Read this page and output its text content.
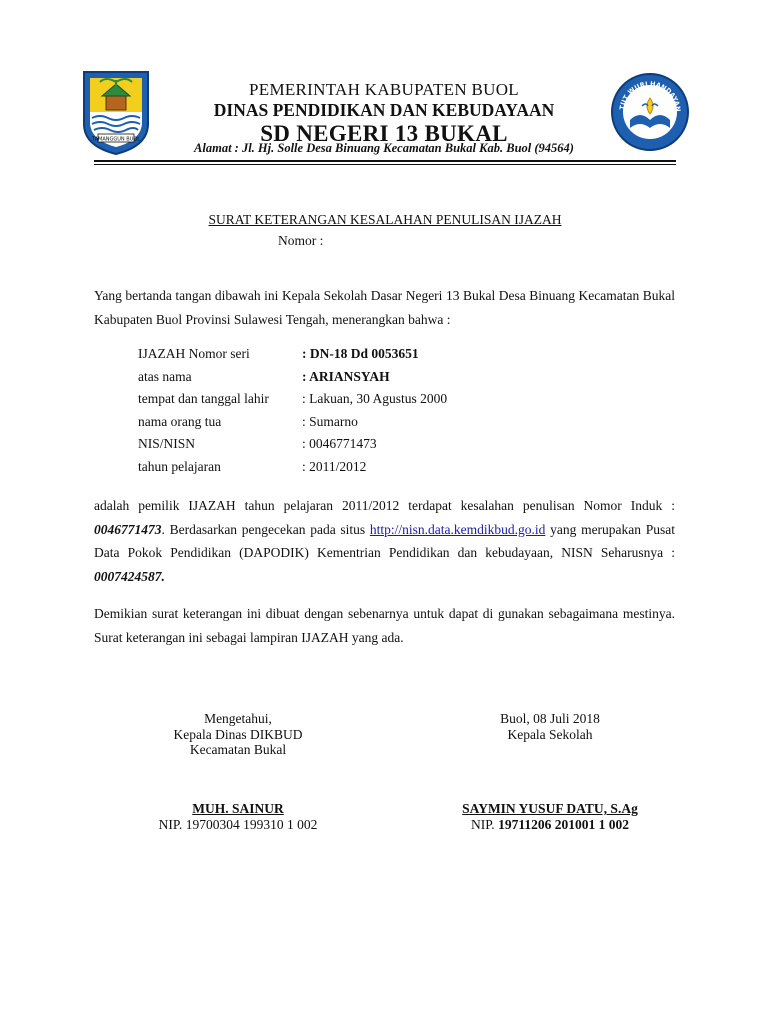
TAMANGGUN BUOL
TUT WURI HANDAYAN
PEMERINTAH KABUPATEN BUOL
DINAS PENDIDIKAN DAN KEBUDAYAAN
SD NEGERI 13 BUKAL
Alamat : Jl. Hj. Solle Desa Binuang Kecamatan Bukal Kab. Buol (94564)
SURAT KETERANGAN KESALAHAN PENULISAN IJAZAH
Nomor :
Yang bertanda tangan dibawah ini Kepala Sekolah Dasar Negeri 13 Bukal Desa Binuang Kecamatan Bukal Kabupaten Buol Provinsi Sulawesi Tengah, menerangkan bahwa :
IJAZAH Nomor seri	: DN-18 Dd 0053651
atas nama	: ARIANSYAH
tempat dan tanggal lahir	: Lakuan, 30 Agustus 2000
nama orang tua	: Sumarno
NIS/NISN	: 0046771473
tahun pelajaran	: 2011/2012
adalah pemilik IJAZAH tahun pelajaran 2011/2012 terdapat kesalahan penulisan Nomor Induk : 0046771473. Berdasarkan pengecekan pada situs http://nisn.data.kemdikbud.go.id yang merupakan Pusat Data Pokok Pendidikan (DAPODIK) Kementrian Pendidikan dan kebudayaan, NISN Seharusnya : 0007424587.
Demikian surat keterangan ini dibuat dengan sebenarnya untuk dapat di gunakan sebagaimana mestinya. Surat keterangan ini sebagai lampiran IJAZAH yang ada.
Mengetahui,
Kepala Dinas DIKBUD
Kecamatan Bukal
Buol, 08 Juli 2018
Kepala Sekolah
MUH. SAINUR	SAYMIN YUSUF DATU, S.Ag
NIP. 19700304 199310 1 002	NIP. 19711206 201001 1 002
